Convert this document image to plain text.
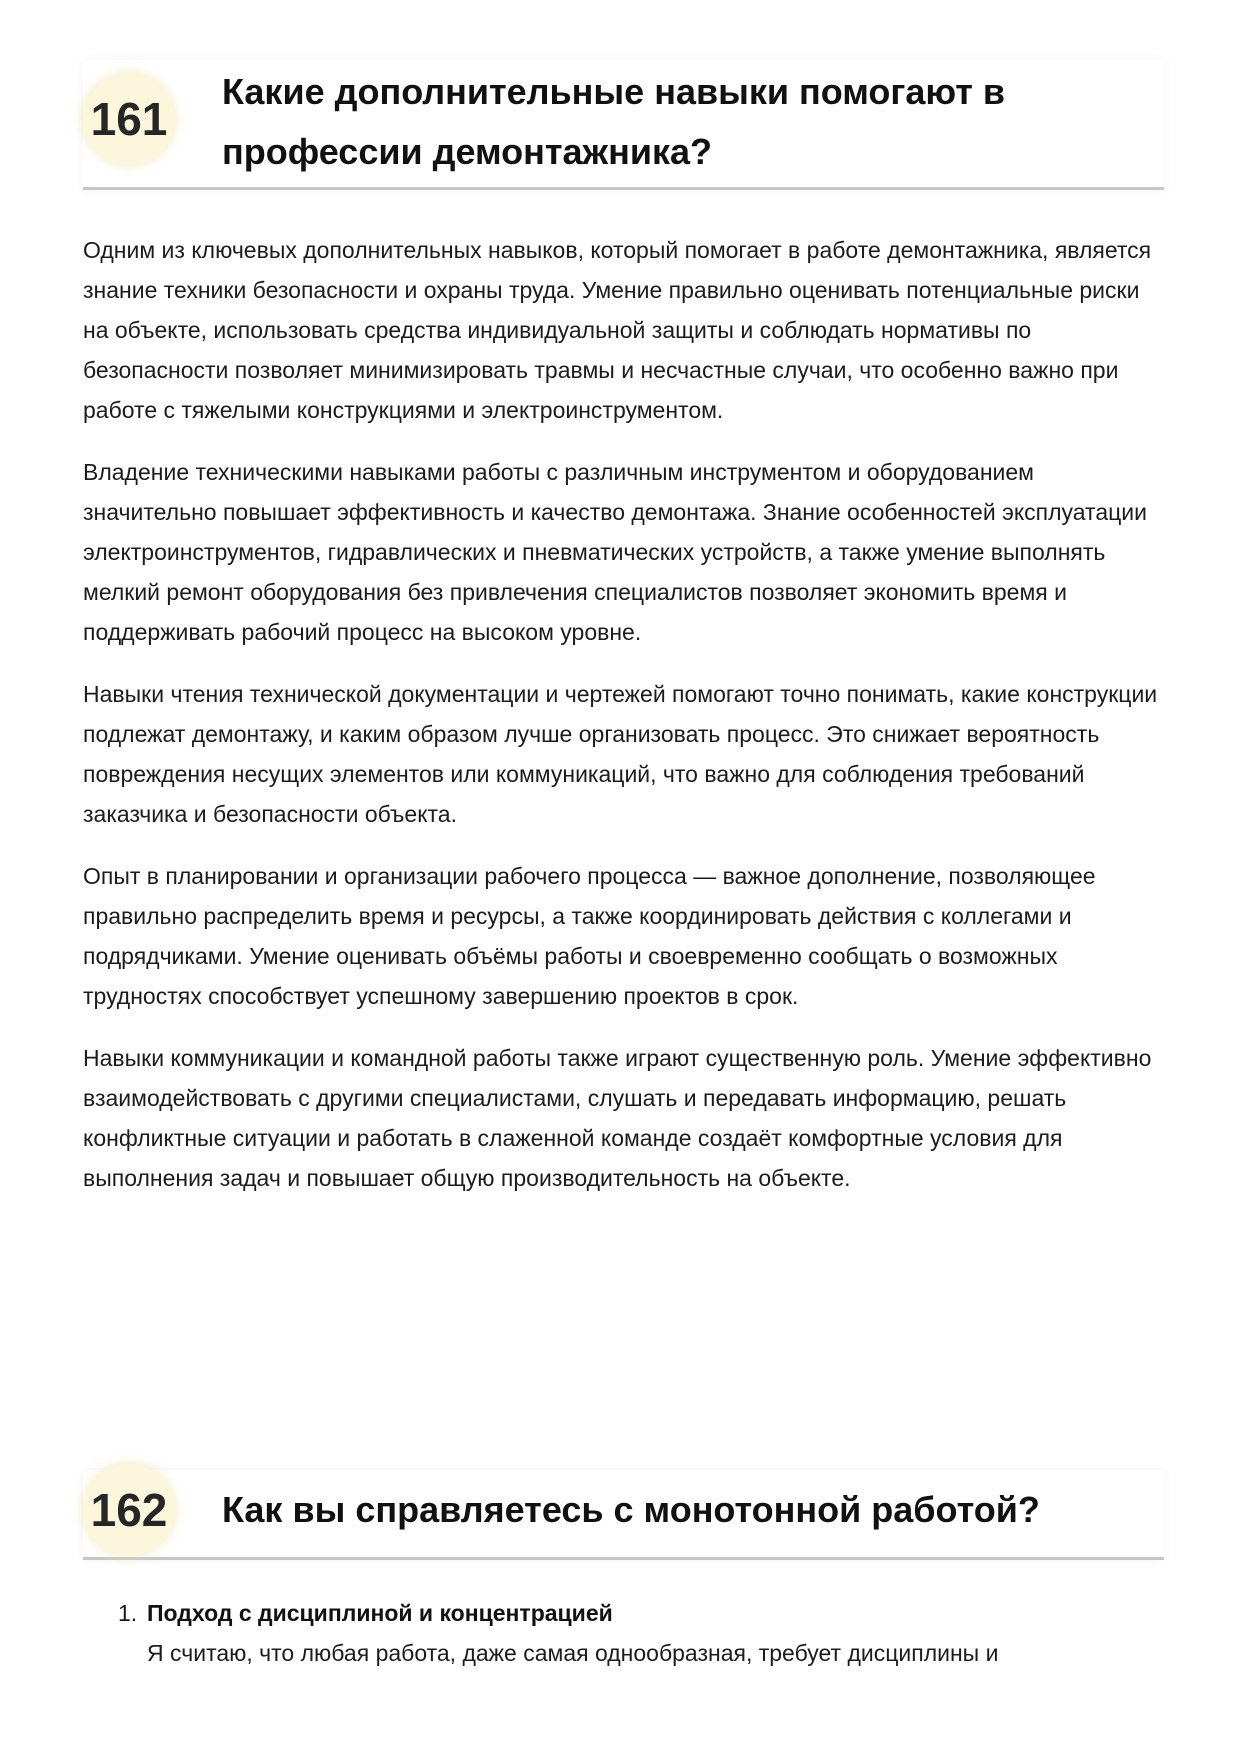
161
Какие дополнительные навыки помогают в профессии демонтажника?

Одним из ключевых дополнительных навыков, который помогает в работе демонтажника, является знание техники безопасности и охраны труда. Умение правильно оценивать потенциальные риски на объекте, использовать средства индивидуальной защиты и соблюдать нормативы по безопасности позволяет минимизировать травмы и несчастные случаи, что особенно важно при работе с тяжелыми конструкциями и электроинструментом.

Владение техническими навыками работы с различным инструментом и оборудованием значительно повышает эффективность и качество демонтажа. Знание особенностей эксплуатации электроинструментов, гидравлических и пневматических устройств, а также умение выполнять мелкий ремонт оборудования без привлечения специалистов позволяет экономить время и поддерживать рабочий процесс на высоком уровне.

Навыки чтения технической документации и чертежей помогают точно понимать, какие конструкции подлежат демонтажу, и каким образом лучше организовать процесс. Это снижает вероятность повреждения несущих элементов или коммуникаций, что важно для соблюдения требований заказчика и безопасности объекта.

Опыт в планировании и организации рабочего процесса — важное дополнение, позволяющее правильно распределить время и ресурсы, а также координировать действия с коллегами и подрядчиками. Умение оценивать объёмы работы и своевременно сообщать о возможных трудностях способствует успешному завершению проектов в срок.

Навыки коммуникации и командной работы также играют существенную роль. Умение эффективно взаимодействовать с другими специалистами, слушать и передавать информацию, решать конфликтные ситуации и работать в слаженной команде создаёт комфортные условия для выполнения задач и повышает общую производительность на объекте.

162 Как вы справляетесь с монотонной работой?
1. Подход с дисциплиной и концентрацией
Я считаю, что любая работа, даже самая однообразная, требует дисциплины и
